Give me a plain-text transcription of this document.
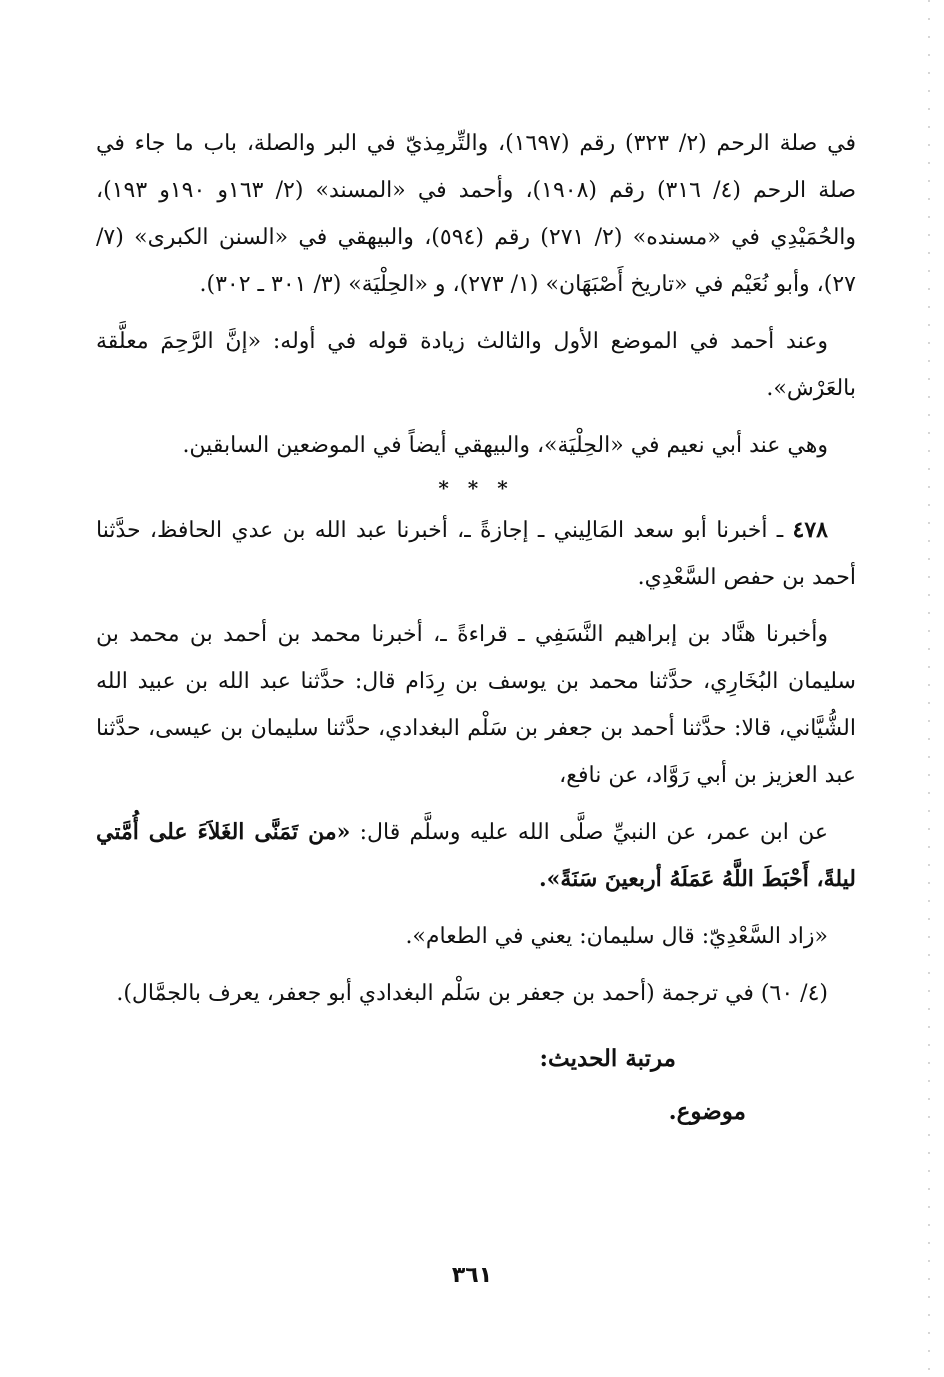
في صلة الرحم (٢/ ٣٢٣) رقم (١٦٩٧)، والتِّرمِذيّ في البر والصلة، باب ما جاء في صلة الرحم (٤/ ٣١٦) رقم (١٩٠٨)، وأحمد في «المسند» (٢/ ١٦٣و ١٩٠و ١٩٣)، والحُمَيْدِي في «مسنده» (٢/ ٢٧١) رقم (٥٩٤)، والبيهقي في «السنن الكبرى» (٧/ ٢٧)، وأبو نُعَيْم في «تاريخ أَصْبَهَان» (١/ ٢٧٣)، و «الحِلْيَة» (٣/ ٣٠١ ـ ٣٠٢).

وعند أحمد في الموضع الأول والثالث زيادة قوله في أوله: «إنَّ الرَّحِمَ معلَّقة بالعَرْش».

وهي عند أبي نعيم في «الحِلْيَة»، والبيهقي أيضاً في الموضعين السابقين.

* * *

٤٧٨ ـ أخبرنا أبو سعد المَالِيني ـ إجازةً ـ، أخبرنا عبد الله بن عدي الحافظ، حدَّثنا أحمد بن حفص السَّعْدِي.

وأخبرنا هنَّاد بن إبراهيم النَّسَفِي ـ قراءةً ـ، أخبرنا محمد بن أحمد بن محمد بن سليمان البُخَارِي، حدَّثنا محمد بن يوسف بن رِدَام قال: حدَّثنا عبد الله بن عبيد الله الشُّيَّاني، قالا: حدَّثنا أحمد بن جعفر بن سَلْم البغدادي، حدَّثنا سليمان بن عيسى، حدَّثنا عبد العزيز بن أبي رَوَّاد، عن نافع،

عن ابن عمر، عن النبيِّ صلَّى الله عليه وسلَّم قال: «من تَمَنَّى الغَلاَءَ على أُمَّتي ليلةً، أَحْبَطَ اللَّهُ عَمَلَهُ أربعينَ سَنَةً».

«زاد السَّعْدِيّ: قال سليمان: يعني في الطعام».

(٤/ ٦٠) في ترجمة (أحمد بن جعفر بن سَلْم البغدادي أبو جعفر، يعرف بالجمَّال).

مرتبة الحديث:
موضوع.
٣٦١
